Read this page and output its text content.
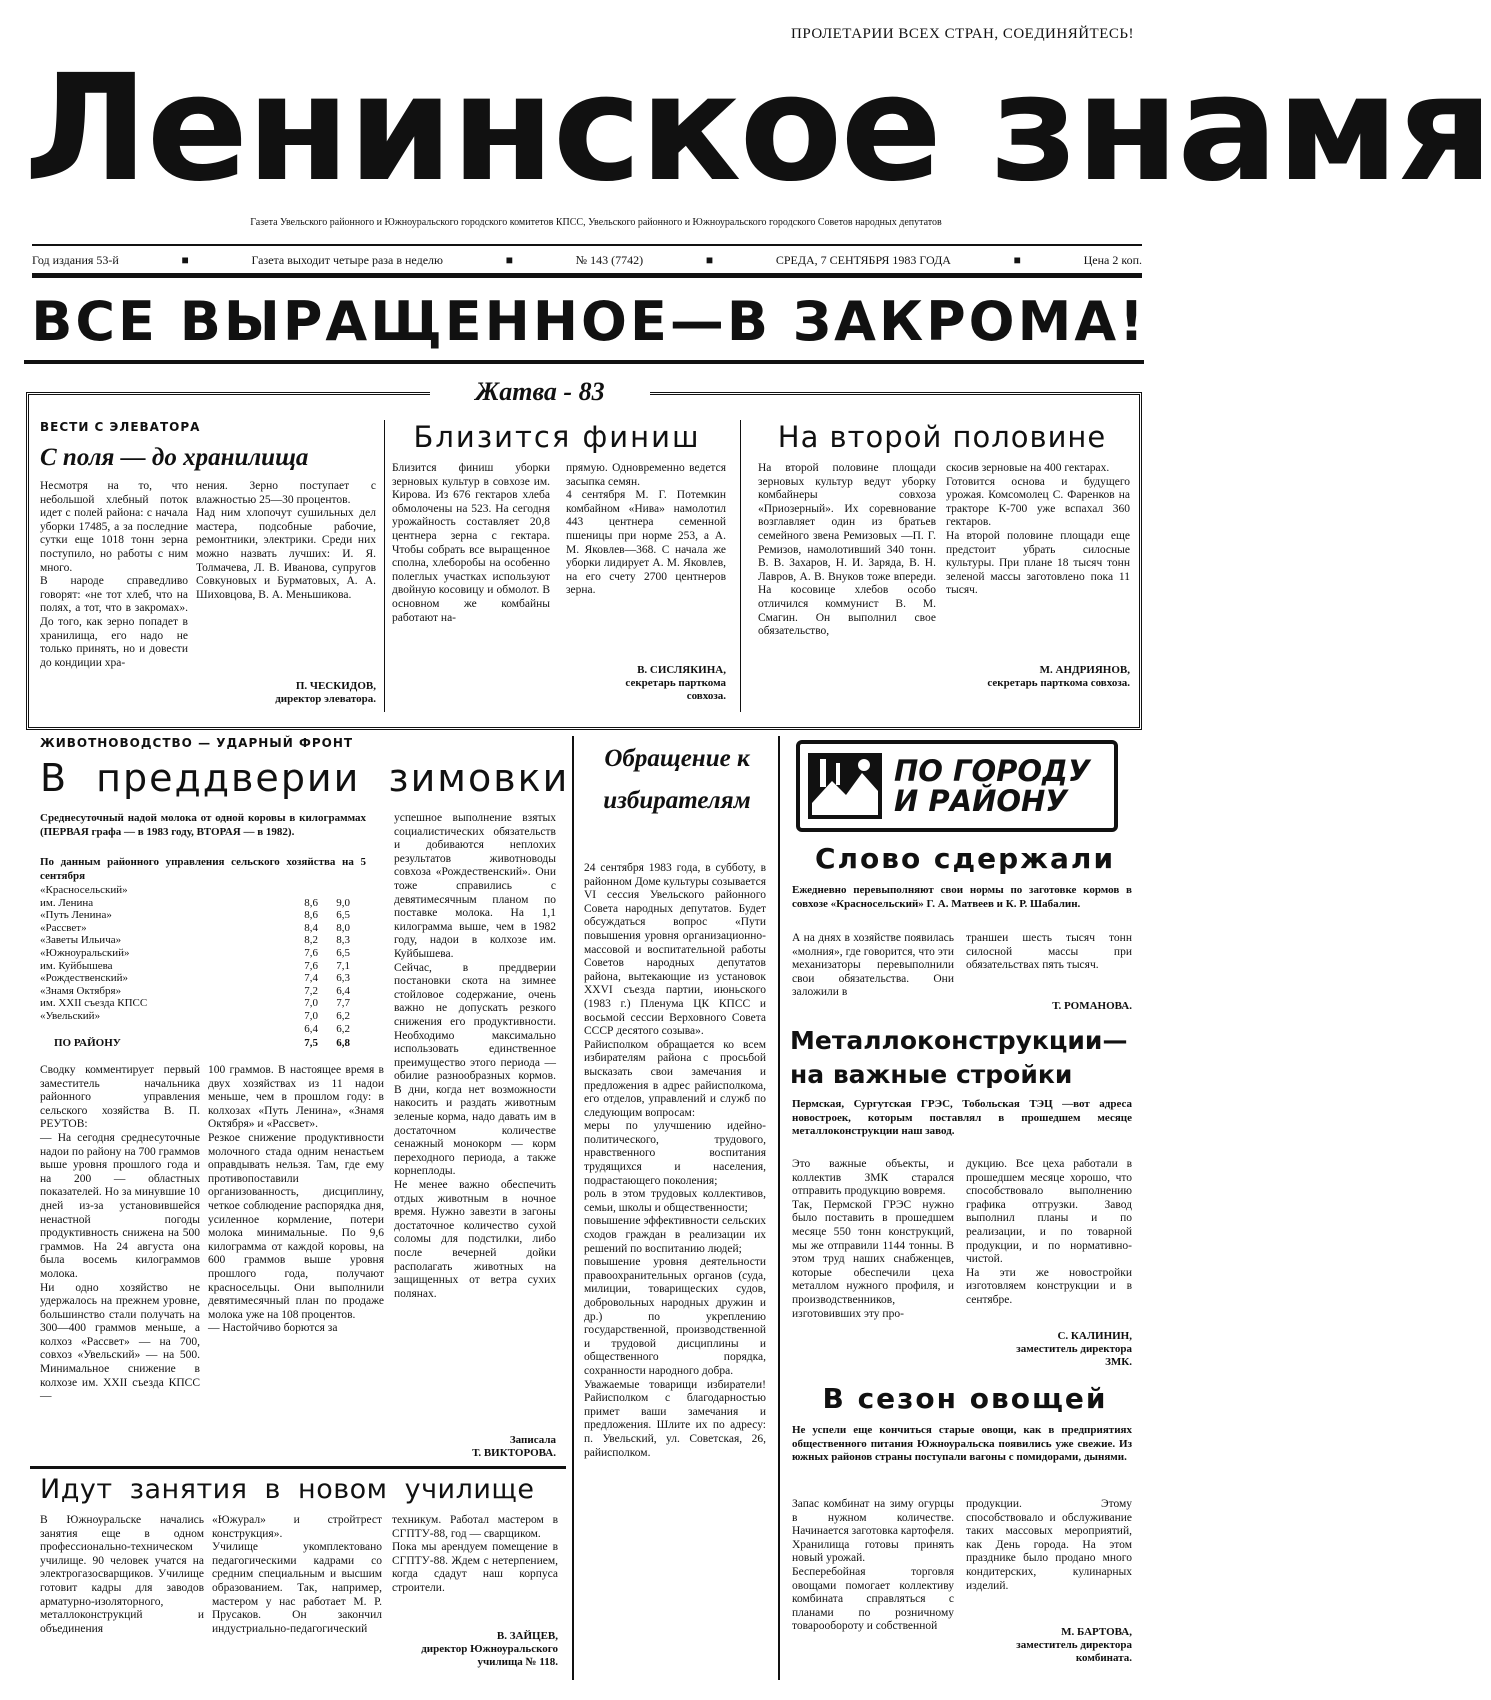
ПРОЛЕТАРИИ ВСЕХ СТРАН, СОЕДИНЯЙТЕСЬ!
Ленинское знамя
Газета Увельского районного и Южноуральского городского комитетов КПСС, Увельского районного и Южноуральского городского Советов народных депутатов
Год издания 53-й	■	Газета выходит четыре раза в неделю	■	№ 143 (7742)	■	СРЕДА, 7 СЕНТЯБРЯ 1983 ГОДА	■	Цена 2 коп.
ВСЕ ВЫРАЩЕННОЕ—В ЗАКРОМА!
Жатва - 83
ВЕСТИ С ЭЛЕВАТОРА
С поля — до хранилища
Несмотря на то, что небольшой хлебный поток идет с полей района: с начала уборки 17485, а за последние сутки еще 1018 тонн зерна поступило, но работы с ним много.
В народе справедливо говорят: «не тот хлеб, что на полях, а тот, что в закромах». До того, как зерно попадет в хранилища, его надо не только принять, но и довести до кондиции хра-
нения. Зерно поступает с влажностью 25—30 процентов.
Над ним хлопочут сушильных дел мастера, подсобные рабочие, ремонтники, электрики. Среди них можно назвать лучших: И. Я. Толмачева, Л. В. Иванова, супругов Совкуновых и Бурматовых, А. А. Шиховцова, В. А. Меньшикова.
П. ЧЕСКИДОВ,
директор элеватора.
Близится финиш
Близится финиш уборки зерновых культур в совхозе им. Кирова. Из 676 гектаров хлеба обмолочены на 523. На сегодня урожайность составляет 20,8 центнера зерна с гектара. Чтобы собрать все выращенное сполна, хлеборобы на особенно полеглых участках используют двойную косовицу и обмолот. В основном же комбайны работают на-
прямую. Одновременно ведется засыпка семян.
4 сентября М. Г. Потемкин комбайном «Нива» намолотил 443 центнера семенной пшеницы при норме 253, а А. М. Яковлев—368. С начала же уборки лидирует А. М. Яковлев, на его счету 2700 центнеров зерна.
В. СИСЛЯКИНА,
секретарь парткома
совхоза.
На второй половине
На второй половине площади зерновых культур ведут уборку комбайнеры совхоза «Приозерный». Их соревнование возглавляет один из братьев семейного звена Ремизовых —П. Г. Ремизов, намолотивший 340 тонн. В. В. Захаров, Н. И. Заряда, В. Н. Лавров, А. В. Внуков тоже впереди. На косовице хлебов особо отличился коммунист В. М. Смагин. Он выполнил свое обязательство,
скосив зерновые на 400 гектарах.
Готовится основа и будущего урожая. Комсомолец С. Фаренков на тракторе К-700 уже вспахал 360 гектаров.
На второй половине площади еще предстоит убрать силосные культуры. При плане 18 тысяч тонн зеленой массы заготовлено пока 11 тысяч.
М. АНДРИЯНОВ,
секретарь парткома совхоза.
ЖИВОТНОВОДСТВО — УДАРНЫЙ ФРОНТ
В преддверии зимовки
Среднесуточный надой молока от одной коровы в килограммах (ПЕРВАЯ графа — в 1983 году, ВТОРАЯ — в 1982).
По данным районного управления сельского хозяйства на 5 сентября
«Красносельский»
им. Ленина	8,6	9,0
«Путь Ленина»	8,6	6,5
«Рассвет»	8,4	8,0
«Заветы Ильича»	8,2	8,3
«Южноуральский»	7,6	6,5
им. Куйбышева	7,6	7,1
«Рождественский»	7,4	6,3
«Знамя Октября»	7,2	6,4
им. XXII съезда КПСС	7,0	7,7
«Увельский»	7,0	6,2
6,4	6,2
ПО РАЙОНУ	7,5	6,8
Сводку комментирует первый заместитель начальника районного управления сельского хозяйства В. П. РЕУТОВ:
— На сегодня среднесуточные надои по району на 700 граммов выше уровня прошлого года и на 200 — областных показателей. Но за минувшие 10 дней из-за установившейся ненастной погоды продуктивность снижена на 500 граммов. На 24 августа она была восемь килограммов молока.
Ни одно хозяйство не удержалось на прежнем уровне, большинство стали получать на 300—400 граммов меньше, а колхоз «Рассвет» — на 700, совхоз «Увельский» — на 500. Минимальное снижение в колхозе им. XXII съезда КПСС —
100 граммов. В настоящее время в двух хозяйствах из 11 надои меньше, чем в прошлом году: в колхозах «Путь Ленина», «Знамя Октября» и «Рассвет».
Резкое снижение продуктивности молочного стада одним ненастьем оправдывать нельзя. Там, где ему противопоставили организованность, дисциплину, четкое соблюдение распорядка дня, усиленное кормление, потери молока минимальные. По 9,6 килограмма от каждой коровы, на 600 граммов выше уровня прошлого года, получают красносельцы. Они выполнили девятимесячный план по продаже молока уже на 108 процентов.
— Настойчиво борются за
успешное выполнение взятых социалистических обязательств и добиваются неплохих результатов животноводы совхоза «Рождественский». Они тоже справились с девятимесячным планом по поставке молока. На 1,1 килограмма выше, чем в 1982 году, надои в колхозе им. Куйбышева.
Сейчас, в преддверии постановки скота на зимнее стойловое содержание, очень важно не допускать резкого снижения его продуктивности. Необходимо максимально использовать единственное преимущество этого периода — обилие разнообразных кормов. В дни, когда нет возможности накосить и раздать животным зеленые корма, надо давать им в достаточном количестве сенажный монокорм — корм переходного периода, а также корнеплоды.
Не менее важно обеспечить отдых животным в ночное время. Нужно завезти в загоны достаточное количество сухой соломы для подстилки, либо после вечерней дойки располагать животных на защищенных от ветра сухих полянах.
Записала
Т. ВИКТОРОВА.
Идут занятия в новом училище
В Южноуральске начались занятия еще в одном профессионально-техническом училище. 90 человек учатся на электрогазосварщиков. Училище готовит кадры для заводов арматурно-изоляторного, металлоконструкций и объединения
«Южурал» и стройтрест конструкция».
Училище укомплектовано педагогическими кадрами со средним специальным и высшим образованием. Так, например, мастером у нас работает М. Р. Прусаков. Он закончил индустриально-педагогический
техникум. Работал мастером в СГПТУ-88, год — сварщиком.
Пока мы арендуем помещение в СГПТУ-88. Ждем с нетерпением, когда сдадут наш корпуса строители.
В. ЗАЙЦЕВ,
директор Южноуральского училища № 118.
Обращение к избирателям
24 сентября 1983 года, в субботу, в районном Доме культуры созывается VI сессия Увельского районного Совета народных депутатов. Будет обсуждаться вопрос «Пути повышения уровня организационно-массовой и воспитательной работы Советов народных депутатов района, вытекающие из установок XXVI съезда партии, июньского (1983 г.) Пленума ЦК КПСС и восьмой сессии Верховного Совета СССР десятого созыва».
Райисполком обращается ко всем избирателям района с просьбой высказать свои замечания и предложения в адрес райисполкома, его отделов, управлений и служб по следующим вопросам:
меры по улучшению идейно-политического, трудового, нравственного воспитания трудящихся и населения, подрастающего поколения;
роль в этом трудовых коллективов, семьи, школы и общественности;
повышение эффективности сельских сходов граждан в реализации их решений по воспитанию людей;
повышение уровня деятельности правоохранительных органов (суда, милиции, товарищеских судов, добровольных народных дружин и др.) по укреплению государственной, производственной и трудовой дисциплины и общественного порядка, сохранности народного добра.
Уважаемые товарищи избиратели! Райисполком с благодарностью примет ваши замечания и предложения. Шлите их по адресу: п. Увельский, ул. Советская, 26, райисполком.
ПО ГОРОДУ И РАЙОНУ
Слово сдержали
Ежедневно перевыполняют свои нормы по заготовке кормов в совхозе «Красносельский» Г. А. Матвеев и К. Р. Шабалин.
А на днях в хозяйстве появилась «молния», где говорится, что эти механизаторы перевыполнили свои обязательства. Они заложили в
траншеи шесть тысяч тонн силосной массы при обязательствах пять тысяч.
Т. РОМАНОВА.
Металлоконструкции—на важные стройки
Пермская, Сургутская ГРЭС, Тобольская ТЭЦ —вот адреса новостроек, которым поставлял в прошедшем месяце металлоконструкции наш завод.
Это важные объекты, и коллектив ЗМК старался отправить продукцию вовремя.
Так, Пермской ГРЭС нужно было поставить в прошедшем месяце 550 тонн конструкций, мы же отправили 1144 тонны. В этом труд наших снабженцев, которые обеспечили цеха металлом нужного профиля, и производственников, изготовивших эту про-
дукцию. Все цеха работали в прошедшем месяце хорошо, что способствовало выполнению графика отгрузки. Завод выполнил планы и по реализации, и по товарной продукции, и по нормативно-чистой.
На эти же новостройки изготовляем конструкции и в сентябре.
С. КАЛИНИН,
заместитель директора
ЗМК.
В сезон овощей
Не успели еще кончиться старые овощи, как в предприятиях общественного питания Южноуральска появились уже свежие. Из южных районов страны поступали вагоны с помидорами, дынями.
Запас комбинат на зиму огурцы в нужном количестве. Начинается заготовка картофеля. Хранилища готовы принять новый урожай.
Бесперебойная торговля овощами помогает коллективу комбината справляться с планами по розничному товарообороту и собственной
продукции. Этому способствовало и обслуживание таких массовых мероприятий, как День города. На этом празднике было продано много кондитерских, кулинарных изделий.
М. БАРТОВА,
заместитель директора комбината.
